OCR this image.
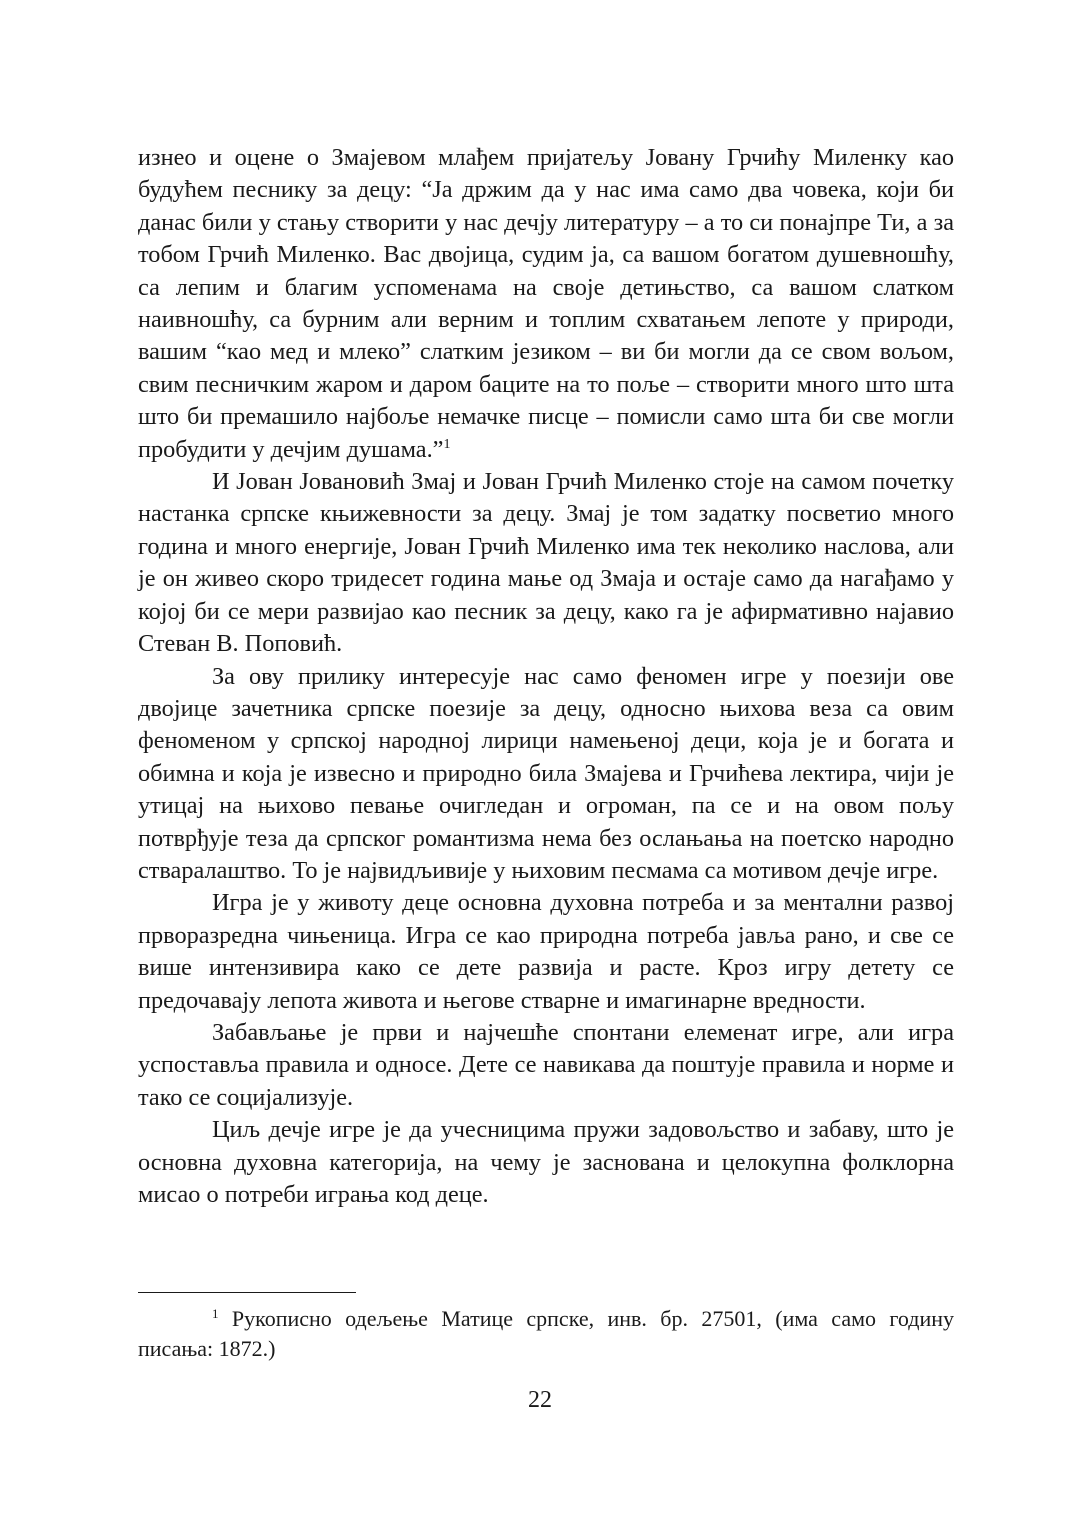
изнео и оцене о Змајевом млађем пријатељу Јовану Грчићу Миленку као будућем песнику за децу: “Ја држим да у нас има само два човека, који би данас били у стању створити у нас дечју литературу – а то си понајпре Ти, а за тобом Грчић Миленко. Вас двојица, судим ја, са вашом богатом душевношћу, са лепим и благим успоменама на своје детињство, са вашом слатком наивношћу, са бурним али верним и топлим схватањем лепоте у природи, вашим “као мед и млеко” слатким језиком – ви би могли да се свом вољом, свим песничким жаром и даром баците на то поље – створити много што шта што би премашило најбоље немачке писце – помисли само шта би све могли пробудити у дечјим душама.”$^1$

И Јован Јовановић Змај и Јован Грчић Миленко стоје на самом почетку настанка српске књижевности за децу. Змај је том задатку посветио много година и много енергије, Јован Грчић Миленко има тек неколико наслова, али је он живео скоро тридесет година мање од Змаја и остаје само да нагађамо у којој би се мери развијао као песник за децу, како га је афирмативно најавио Стеван В. Поповић.

За ову прилику интересује нас само феномен игре у поезији ове двојице зачетника српске поезије за децу, односно њихова веза са овим феноменом у српској народној лирици намењеној деци, која је и богата и обимна и која је извесно и природно била Змајева и Грчићева лектира, чији је утицај на њихово певање очигледан и огроман, па се и на овом пољу потврђује теза да српског романтизма нема без ослањања на поетско народно стваралаштво. То је највидљивије у њиховим песмама са мотивом дечје игре.

Игра је у животу деце основна духовна потреба и за ментални развој прворазредна чињеница. Игра се као природна потреба јавља рано, и све се више интензивира како се дете развија и расте. Кроз игру детету се предочавају лепота живота и његове стварне и имагинарне вредности.

Забављање је први и најчешће спонтани елеменат игре, али игра успоставља правила и односе. Дете се навикава да поштује правила и норме и тако се социјализује.

Циљ дечје игре је да учесницима пружи задовољство и забаву, што је основна духовна категорија, на чему је заснована и целокупна фолклорна мисао о потреби играња код деце.

$^1$ Рукописно одељење Матице српске, инв. бр. 27501, (има само годину писања: 1872.)

22
